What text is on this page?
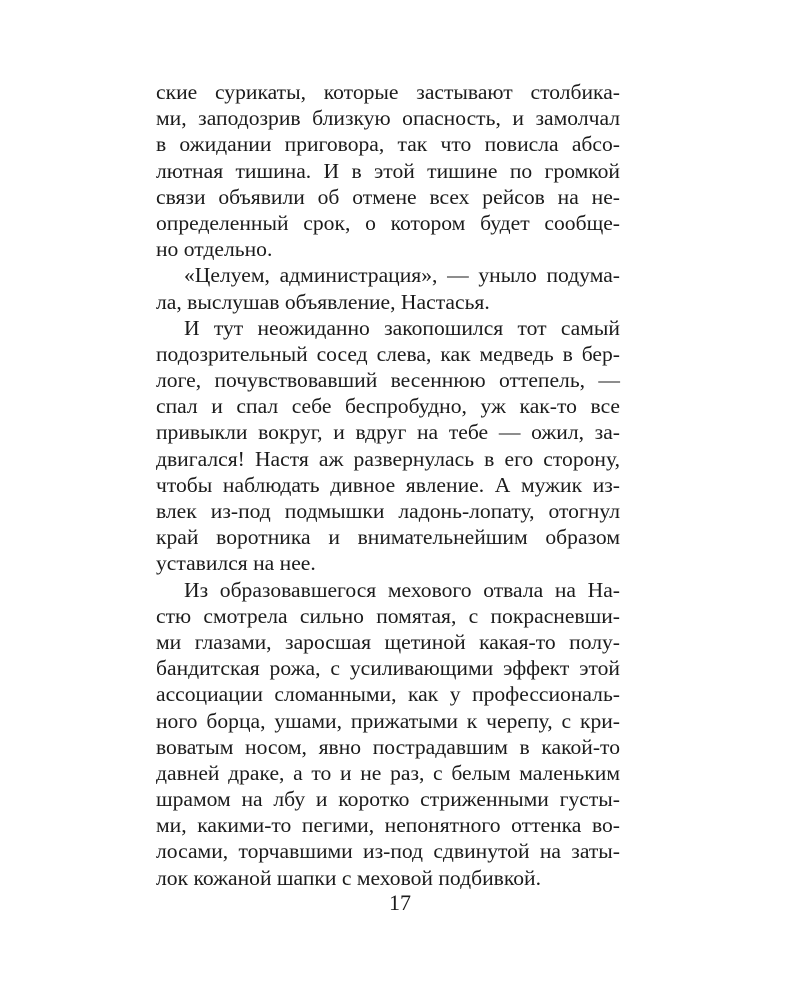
ские сурикаты, которые застывают столбика-
ми, заподозрив близкую опасность, и замолчал
в ожидании приговора, так что повисла абсо-
лютная тишина. И в этой тишине по громкой
связи объявили об отмене всех рейсов на не-
определенный срок, о котором будет сообще-
но отдельно.
«Целуем, администрация», — уныло подума-
ла, выслушав объявление, Настасья.
И тут неожиданно закопошился тот самый
подозрительный сосед слева, как медведь в бер-
логе, почувствовавший весеннюю оттепель, —
спал и спал себе беспробудно, уж как-то все
привыкли вокруг, и вдруг на тебе — ожил, за-
двигался! Настя аж развернулась в его сторону,
чтобы наблюдать дивное явление. А мужик из-
влек из-под подмышки ладонь-лопату, отогнул
край воротника и внимательнейшим образом
уставился на нее.
Из образовавшегося мехового отвала на На-
стю смотрела сильно помятая, с покрасневши-
ми глазами, заросшая щетиной какая-то полу-
бандитская рожа, с усиливающими эффект этой
ассоциации сломанными, как у профессиональ-
ного борца, ушами, прижатыми к черепу, с кри-
воватым носом, явно пострадавшим в какой-то
давней драке, а то и не раз, с белым маленьким
шрамом на лбу и коротко стриженными густы-
ми, какими-то пегими, непонятного оттенка во-
лосами, торчавшими из-под сдвинутой на заты-
лок кожаной шапки с меховой подбивкой.
17
